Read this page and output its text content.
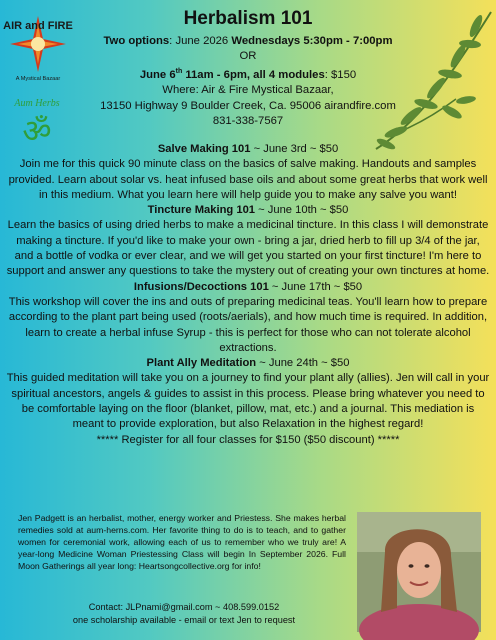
AIR and FIRE
A Mystical Bazaar
Aum Herbs
ॐ
Herbalism 101
Two options: June 2026 Wednesdays 5:30pm - 7:00pm
OR
June 6th 11am - 6pm, all 4 modules: $150
Where: Air & Fire Mystical Bazaar,
13150 Highway 9 Boulder Creek, Ca. 95006 airandfire.com
831-338-7567

Salve Making 101 ~ June 3rd ~ $50

Join me for this quick 90 minute class on the basics of salve making. Handouts and samples provided. Learn about solar vs. heat infused base oils and about some great herbs that work well in this medium. What you learn here will help guide you to make any salve you want!

Tincture Making 101 ~ June 10th ~ $50

Learn the basics of using dried herbs to make a medicinal tincture. In this class I will demonstrate making a tincture. If you'd like to make your own - bring a jar, dried herb to fill up 3/4 of the jar, and a bottle of vodka or ever clear, and we will get you started on your first tincture! I'm here to support and answer any questions to take the mystery out of creating your own tinctures at home.

Infusions/Decoctions 101 ~ June 17th ~ $50

This workshop will cover the ins and outs of preparing medicinal teas. You'll learn how to prepare according to the plant part being used (roots/aerials), and how much time is required. In addition, learn to create a herbal infuse Syrup - this is perfect for those who can not tolerate alcohol extractions.

Plant Ally Meditation ~ June 24th ~ $50

This guided meditation will take you on a journey to find your plant ally (allies). Jen will call in your spiritual ancestors, angels & guides to assist in this process. Please bring whatever you need to be comfortable laying on the floor (blanket, pillow, mat, etc.) and a journal. This mediation is meant to provide exploration, but also Relaxation in the highest regard!

***** Register for all four classes for $150 ($50 discount) *****

Jen Padgett is an herbalist, mother, energy worker and Priestess. She makes herbal remedies sold at aum-herns.com. Her favorite thing to do is to teach, and to gather women for ceremonial work, allowing each of us to remember who we truly are! A year-long Medicine Woman Priestessing Class will begin In September 2026. Full Moon Gatherings all year long: Heartsongcollective.org for info!
Contact: JLPnami@gmail.com ~ 408.599.0152
one scholarship available - email or text Jen to request
